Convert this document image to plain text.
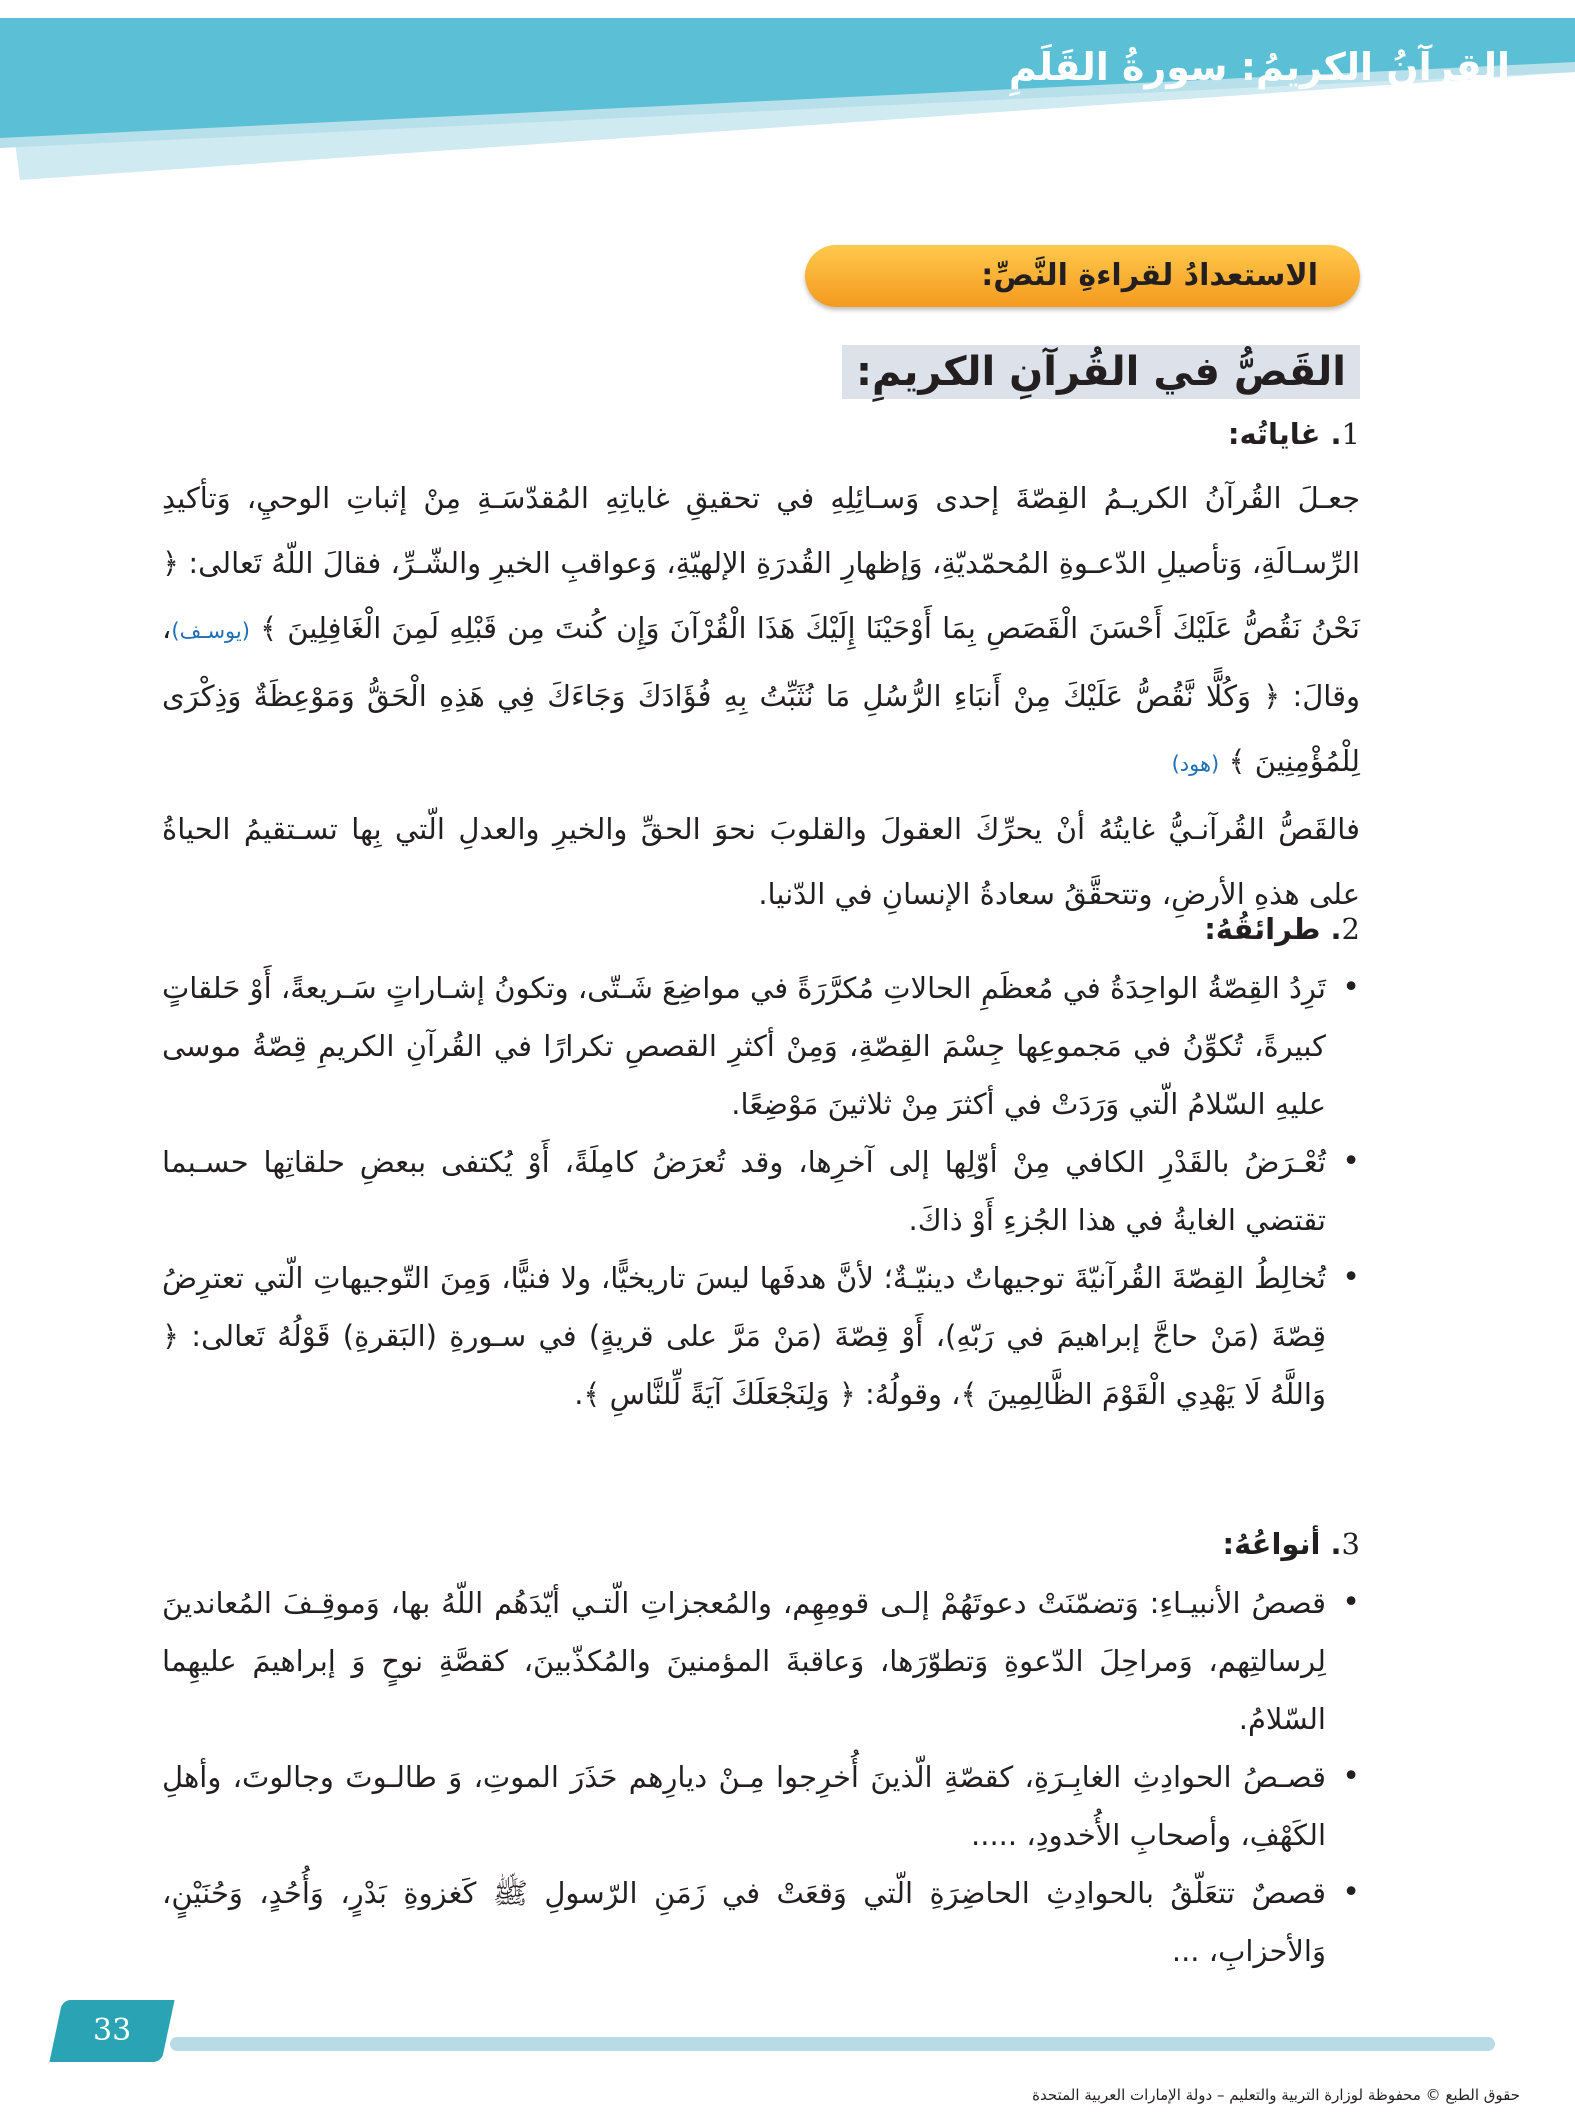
القرآنُ الكريمُ: سورةُ القَلَمِ
الاستعدادُ لقراءةِ النَّصِّ:
القَصُّ في القُرآنِ الكريمِ:
1. غاياتُه:
جعـلَ القُرآنُ الكريـمُ القِصّةَ إحدى وَسـائِلِهِ في تحقيقِ غاياتِهِ المُقدّسَـةِ مِنْ إثباتِ الوحيِ، وَتأكيدِ الرِّسـالَةِ، وَتأصيلِ الدّعـوةِ المُحمّديّةِ، وَإظهارِ القُدرَةِ الإلهيّةِ، وَعواقبِ الخيرِ والشّـرِّ، فقالَ اللّهُ تَعالى: ﴿ نَحْنُ نَقُصُّ عَلَيْكَ أَحْسَنَ الْقَصَصِ بِمَا أَوْحَيْنَا إِلَيْكَ هَذَا الْقُرْآنَ وَإِن كُنتَ مِن قَبْلِهِ لَمِنَ الْغَافِلِينَ ﴾ (يوسـف)، وقالَ: ﴿ وَكُلًّا نَّقُصُّ عَلَيْكَ مِنْ أَنبَاءِ الرُّسُلِ مَا نُثَبِّتُ بِهِ فُؤَادَكَ وَجَاءَكَ فِي هَذِهِ الْحَقُّ وَمَوْعِظَةٌ وَذِكْرَى لِلْمُؤْمِنِينَ ﴾ (هود)
فالقَصُّ القُرآنـيُّ غايتُهُ أنْ يحرِّكَ العقولَ والقلوبَ نحوَ الحقِّ والخيرِ والعدلِ الّتي بِها تسـتقيمُ الحياةُ على هذهِ الأرضِ، وتتحقَّقُ سعادةُ الإنسانِ في الدّنيا.
2. طرائقُهُ:
• تَرِدُ القِصّةُ الواحِدَةُ في مُعظَمِ الحالاتِ مُكرَّرَةً في مواضِعَ شَـتّى، وتكونُ إشـاراتٍ سَـريعةً، أَوْ حَلقاتٍ كبيرةً، تُكوِّنُ في مَجموعِها جِسْمَ القِصّةِ، وَمِنْ أكثرِ القصصِ تكرارًا في القُرآنِ الكريمِ قِصّةُ موسى عليهِ السّلامُ الّتي وَرَدَتْ في أكثرَ مِنْ ثلاثينَ مَوْضِعًا.
• تُعْـرَضُ بالقَدْرِ الكافي مِنْ أوّلِها إلى آخرِها، وقد تُعرَضُ كامِلَةً، أَوْ يُكتفى ببعضِ حلقاتِها حسـبما تقتضي الغايةُ في هذا الجُزءِ أَوْ ذاكَ.
• تُخالِطُ القِصّةَ القُرآنيّةَ توجيهاتٌ دينيّـةٌ؛ لأنَّ هدفَها ليسَ تاريخيًّا، ولا فنيًّا، وَمِنَ التّوجيهاتِ الّتي تعترِضُ قِصّةَ (مَنْ حاجَّ إبراهيمَ في رَبّهِ)، أَوْ قِصّةَ (مَنْ مَرَّ على قريةٍ) في سـورةِ (البَقرةِ) قَوْلُهُ تَعالى: ﴿ وَاللَّهُ لَا يَهْدِي الْقَوْمَ الظَّالِمِينَ ﴾، وقولُهُ: ﴿ وَلِنَجْعَلَكَ آيَةً لِّلنَّاسِ ﴾.
3. أنواعُهُ:
• قصصُ الأنبيـاءِ: وَتضمّنَتْ دعوتَهُمْ إلـى قومِهِم، والمُعجزاتِ الّتـي أيّدَهُم اللّهُ بها، وَموقِـفَ المُعاندينَ لِرسالتِهم، وَمراحِلَ الدّعوةِ وَتطوّرَها، وَعاقبةَ المؤمنينَ والمُكذّبينَ، كقصَّةِ نوحٍ وَ إبراهيمَ عليهِما السّلامُ.
• قصـصُ الحوادِثِ الغابِـرَةِ، كقصّةِ الّذينَ أُخرِجوا مِـنْ ديارِهم حَذَرَ الموتِ، وَ طالـوتَ وجالوتَ، وأهلِ الكَهْفِ، وأصحابِ الأُخدودِ، .....
• قصصٌ تتعَلّقُ بالحوادِثِ الحاضِرَةِ الّتي وَقعَتْ في زَمَنِ الرّسولِ ﷺ كَغزوةِ بَدْرٍ، وَأُحُدٍ، وَحُنَيْنٍ، وَالأحزابِ، ...
33
حقوق الطبع © محفوظة لوزارة التربية والتعليم – دولة الإمارات العربية المتحدة
